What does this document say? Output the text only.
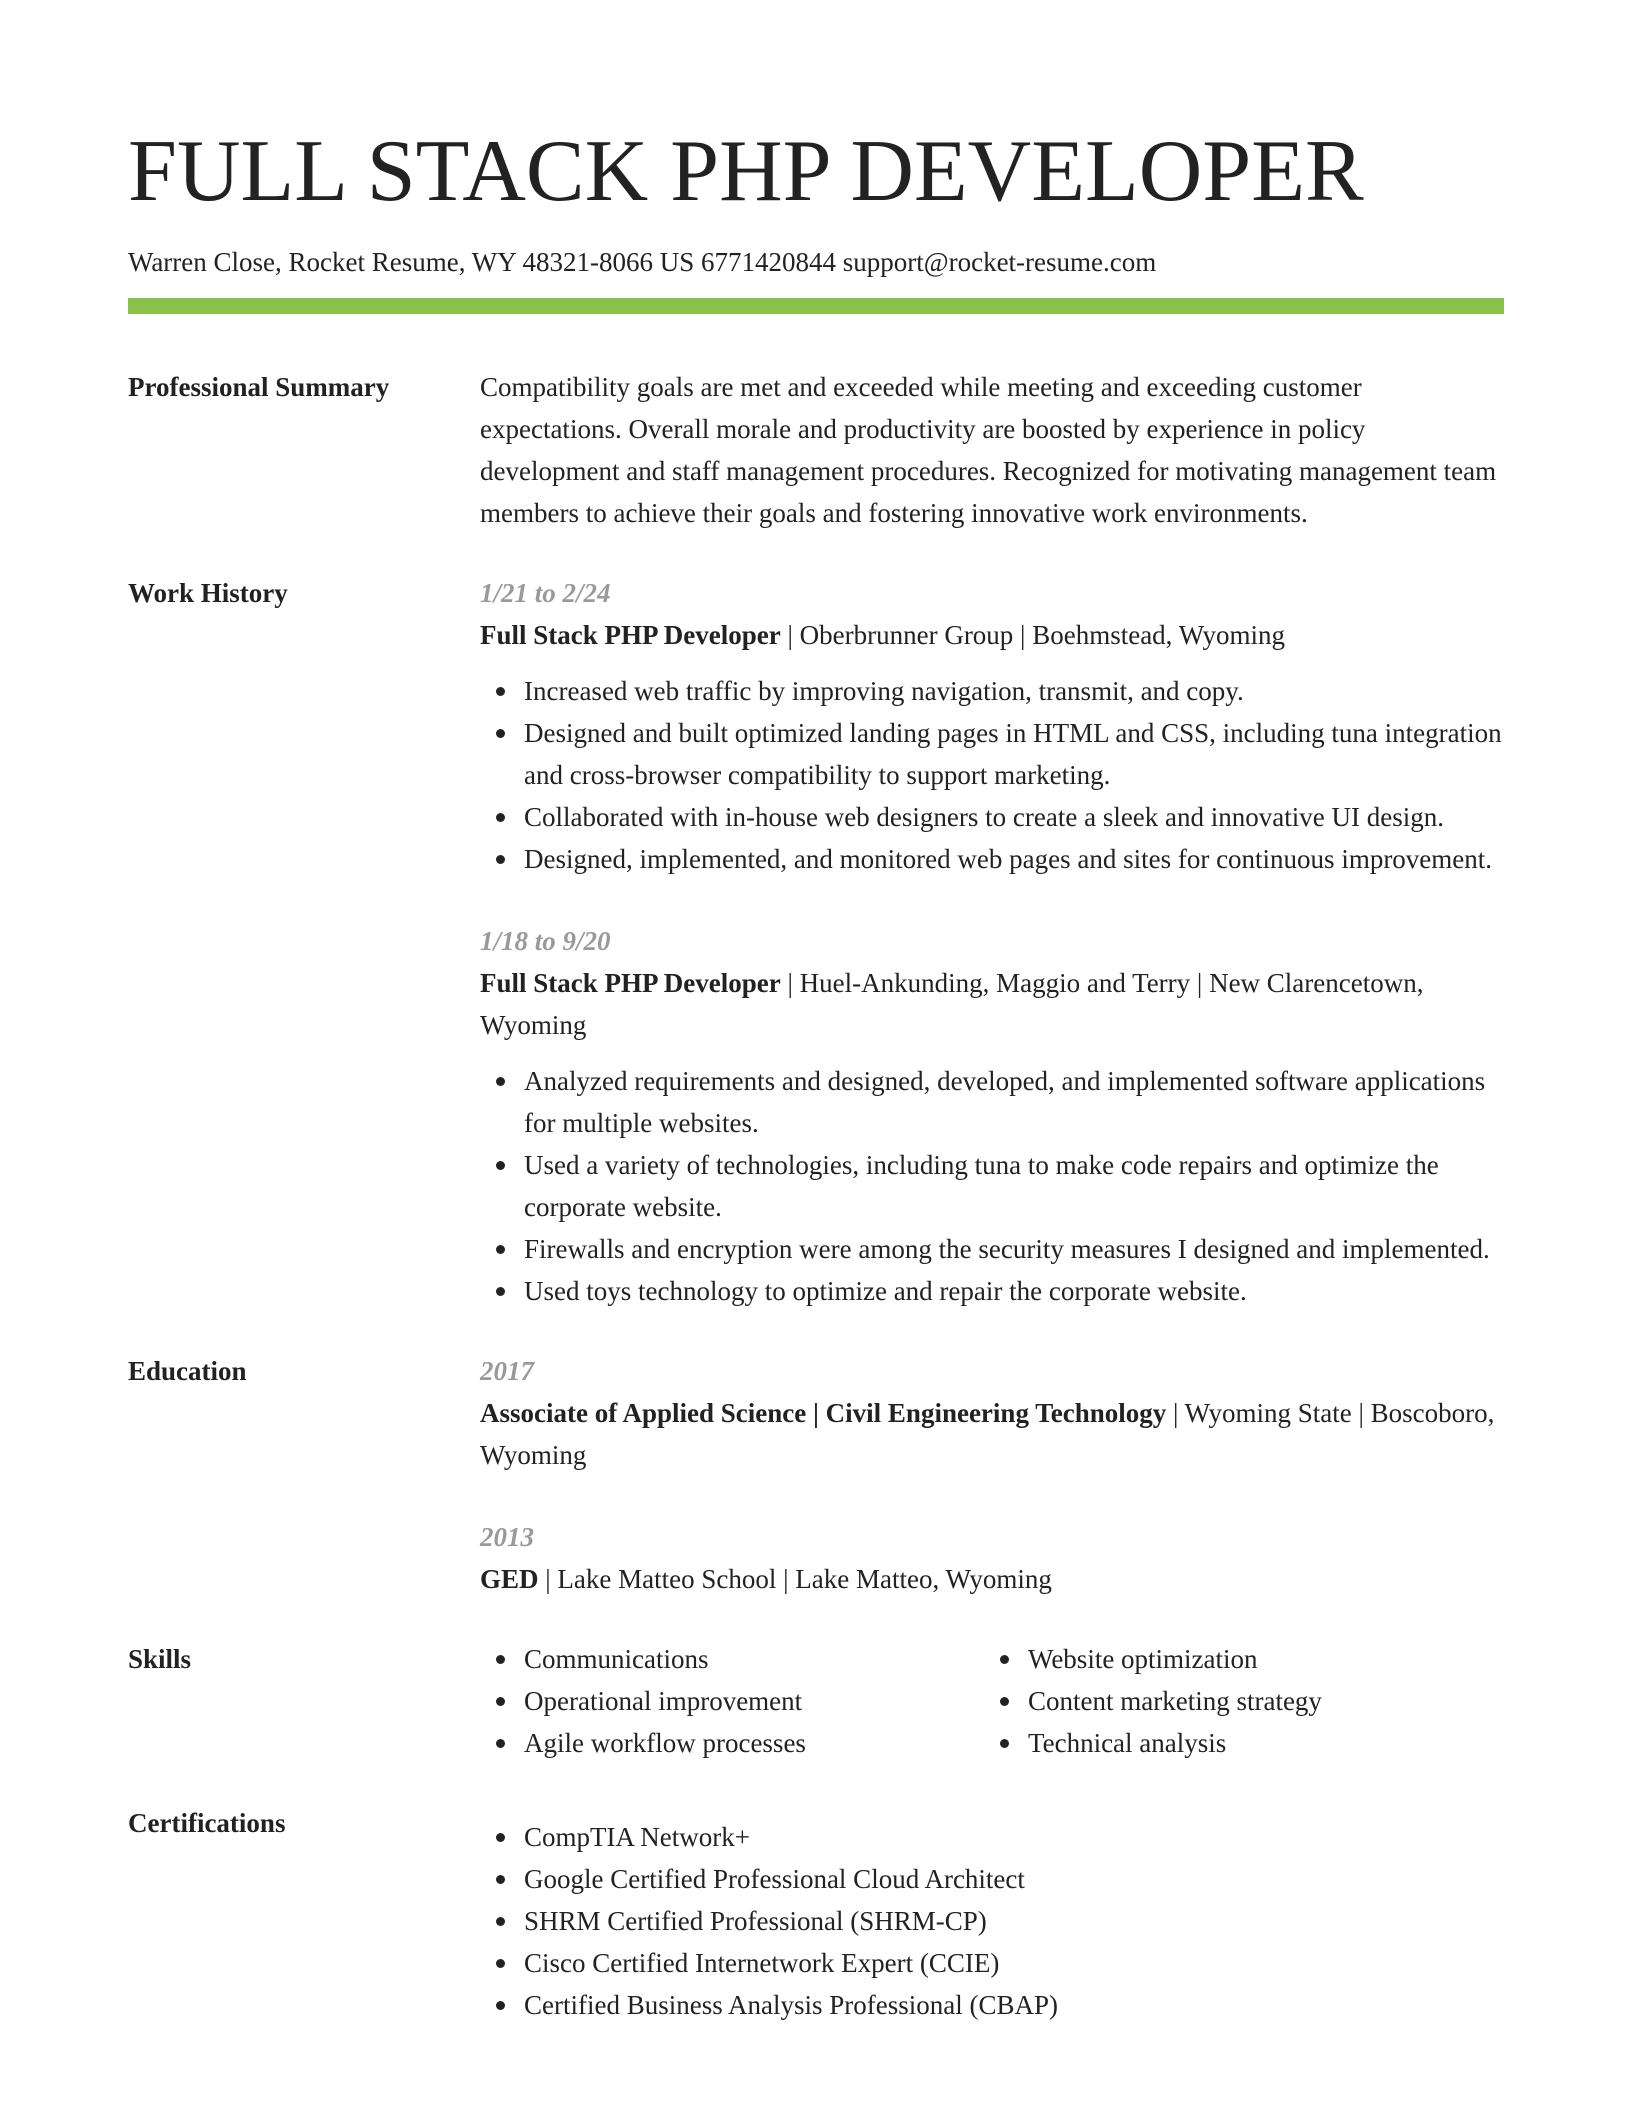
FULL STACK PHP DEVELOPER
Warren Close, Rocket Resume, WY 48321-8066 US 6771420844 support@rocket-resume.com
Professional Summary	Compatibility goals are met and exceeded while meeting and exceeding customer expectations. Overall morale and productivity are boosted by experience in policy development and staff management procedures. Recognized for motivating management team members to achieve their goals and fostering innovative work environments.
Work History	1/21 to 2/24
Full Stack PHP Developer | Oberbrunner Group | Boehmstead, Wyoming
Increased web traffic by improving navigation, transmit, and copy.
Designed and built optimized landing pages in HTML and CSS, including tuna integration and cross-browser compatibility to support marketing.
Collaborated with in-house web designers to create a sleek and innovative UI design.
Designed, implemented, and monitored web pages and sites for continuous improvement.
1/18 to 9/20
Full Stack PHP Developer | Huel-Ankunding, Maggio and Terry | New Clarencetown, Wyoming
Analyzed requirements and designed, developed, and implemented software applications for multiple websites.
Used a variety of technologies, including tuna to make code repairs and optimize the corporate website.
Firewalls and encryption were among the security measures I designed and implemented.
Used toys technology to optimize and repair the corporate website.
Education	2017
Associate of Applied Science | Civil Engineering Technology | Wyoming State | Boscoboro, Wyoming
2013
GED | Lake Matteo School | Lake Matteo, Wyoming
Skills	Communications
Operational improvement
Agile workflow processes
Website optimization
Content marketing strategy
Technical analysis
Certifications	CompTIA Network+
Google Certified Professional Cloud Architect
SHRM Certified Professional (SHRM-CP)
Cisco Certified Internetwork Expert (CCIE)
Certified Business Analysis Professional (CBAP)
